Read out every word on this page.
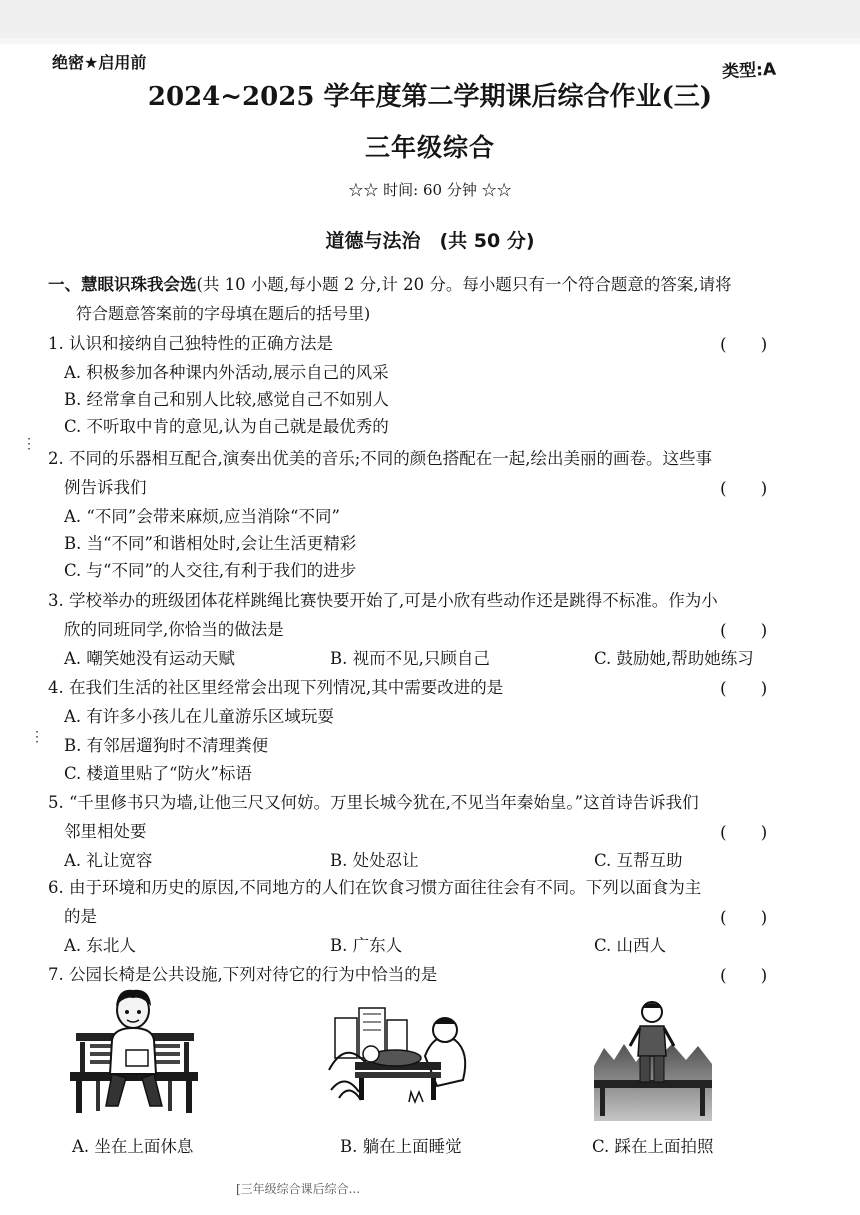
绝密★启用前	类型:A
2024~2025 学年度第二学期课后综合作业(三)
三年级综合
☆☆ 时间: 60 分钟 ☆☆
道德与法治　(共 50 分)
一、慧眼识珠我会选(共 10 小题,每小题 2 分,计 20 分。每小题只有一个符合题意的答案,请将
符合题意答案前的字母填在题后的括号里)
1. 认识和接纳自己独特性的正确方法是	(　　)
A. 积极参加各种课内外活动,展示自己的风采
B. 经常拿自己和别人比较,感觉自己不如别人
C. 不听取中肯的意见,认为自己就是最优秀的
⋮
2. 不同的乐器相互配合,演奏出优美的音乐;不同的颜色搭配在一起,绘出美丽的画卷。这些事
例告诉我们	(　　)
A. “不同”会带来麻烦,应当消除“不同”
B. 当“不同”和谐相处时,会让生活更精彩
C. 与“不同”的人交往,有利于我们的进步
3. 学校举办的班级团体花样跳绳比赛快要开始了,可是小欣有些动作还是跳得不标准。作为小
欣的同班同学,你恰当的做法是	(　　)
A. 嘲笑她没有运动天赋	B. 视而不见,只顾自己	C. 鼓励她,帮助她练习
4. 在我们生活的社区里经常会出现下列情况,其中需要改进的是	(　　)
A. 有许多小孩儿在儿童游乐区域玩耍
⋮ B. 有邻居遛狗时不清理粪便
C. 楼道里贴了“防火”标语
5. “千里修书只为墙,让他三尺又何妨。万里长城今犹在,不见当年秦始皇。”这首诗告诉我们
邻里相处要	(　　)
A. 礼让宽容	B. 处处忍让	C. 互帮互助
6. 由于环境和历史的原因,不同地方的人们在饮食习惯方面往往会有不同。下列以面食为主
的是	(　　)
A. 东北人	B. 广东人	C. 山西人
7. 公园长椅是公共设施,下列对待它的行为中恰当的是	(　　)
A. 坐在上面休息	B. 躺在上面睡觉	C. 踩在上面拍照
[三年级综合课后综合...
